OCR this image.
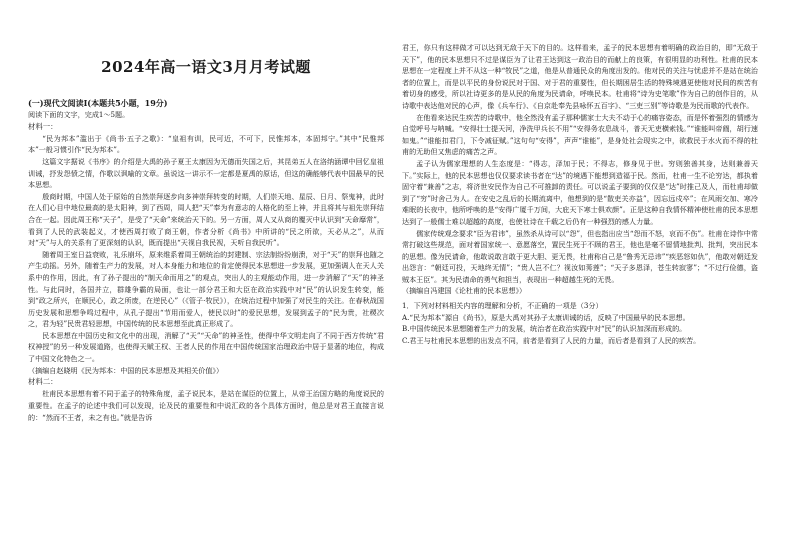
2024年高一语文3月月考试题

(一)现代文阅读Ⅰ(本题共5小题，19分)

阅读下面的文字，完成1～5题。

材料一：

“民为邦本”滥出于《尚书·五子之歌》：“皇祖有训，民可近，不可下，民惟邦本，本固邦宁。”其中“民惟邦本”一般习惯引作“民为邦本”。

这篇文字据说《书序》的介绍是大禹的孙子夏王太康因为无德而失国之后，其昆弟五人在洛纳涵谭中回忆皇祖训诫，抒发怨愤之情，作歌以讽喻的文章。虽说这一讲示不一定都是夏禹的原话，但这的确能够代表中国最早的民本思想。

殷商时期，中国人处于原始的自然崇拜逐步向多神崇拜转变的时期，人们崇天地、星辰、日月、祭鬼神，此时在人们心目中地位最高的是太阳神，到了西周，周人把“天”奉为有意志的人格化的至上神，并且将其与祖先崇拜结合在一起。因此周王称“天子”，是受了“天命”来统治天下的。另一方面，周人又从商的覆灭中认识到“天命靡常”，看到了人民的武装起义，才使西周打败了商王朝，作者分析《尚书》中所讲的“民之所欲，天必从之”，从而对“天”与人的关系有了更深刻的认识，既而提出“天视自我民视，天听自我民听”。

随着周王室日益衰败，礼乐崩坏，原来维系着周王朝统治的封建制、宗法制纷纷崩溃，对于“天”的崇拜也随之产生动摇。另外，随着生产力的发展，对人本身能力和地位的肯定使得民本思想进一步发展，更加强调人在天人关系中的作用，因此，有了孙子提出的“制天命而用之”的观点，突出人的主观能动作用，进一步消解了“天”的神圣性。与此同时，各国并立，群雄争霸的局面，也让一部分君王和大臣在政治实践中对“民”的认识发生转变，能到“政之所兴，在顺民心，政之所废，在逆民心”（《管子·牧民》），在统治过程中加强了对民生的关注。在春秋战国历史发展和思想争鸣过程中，从孔子提出“节用而爱人，使民以时”的爱民思想，发展到孟子的“民为贵，社稷次之，君为轻”民贵君轻思想，中国传统的民本思想至此真正形成了。

民本思想在中国历史和文化中的出现，消解了“天”“天命”的神圣性，使得中华文明走向了不同于西方传统“君权神授”的另一种发展道路，也使得天赋王权、王者人民的作用在中国传统国家治理政治中居于显著的地位，构成了中国文化特色之一。

（摘编自赵晓明《民为邦本：中国的民本思想及其相关价值》）

材料二：

杜甫民本思想有着不同于孟子的特殊角度，孟子说民本，是站在谋臣的位置上，从帝王治国方略的角度说民的重要性。在孟子的论述中我们可以发现，论及民的重要性和中说汇政的各个具体方面时，他总是对君王直接言说的：“然而不王者，未之有也。”就是告诉

君王，你只有这样做才可以达到无敌于天下的目的。这样看来，孟子的民本思想有着明确的政治目的，即“无敌于天下”，他的民本思想只不过是谋臣为了让君王达到这一政治目的而献上的良策，有很明显的功利性。杜甫的民本思想在一定程度上并不从这一种“牧民”之道，他是从普通民众的角度出发的。他对民的关注与忧虑并不是站在统治者的位置上，而是以平民的身份说民对于国、对于君的重要性，但长期困居生活的特殊境遇更使他对民间的疾苦有着切身的感受，所以社诗更多的是从民的角度为民请命，呼唤民本。杜甫将“诗为史笔歌”作为自己的创作目的，从诗歌中表达他对民的心声，像《兵车行》、《自京赴奉先县咏怀五百字》、“三吏三别”等诗歌是为民而歌的代表作。

在他看来达民生疾苦的诗歌中，他全然没有孟子那种儒家士大夫不动于心的痛容姿态，而是怀着强烈的情感为自觉呼号与呐喊。“安得壮士提天河，净洗甲兵长不用”“安得务农息战斗，普天无吏横索钱。”“谁能叫帝阍，胡行速如鬼。”“谁能扣君门，下令减征赋。”这句句“安得”，声声“谁能”，是身处社会现实之中，欲救民于水火而不得的杜甫的无助但又焦虑的痛苦之声。

孟子认为儒家理想的人生态度是：“得志，泽加于民；不得志，修身见于世。穷则独善其身，达则兼善天下。”实际上，他的民本思想也仅仅要求读书者在“达”的境遇下能想到造福于民。然而，杜甫一生不论穷达，都执着固守着“兼善”之志，将济世安民作为自己不可推卸的责任。可以说孟子要到的仅仅是“达”时推己及人，而杜甫却做到了“穷”时舍己为人。在安史之乱后的长期流离中，他想到的是“散吏关亦益”，因忘远戍卒”；在风雨交加、寒冷难眠的长夜中，他所呼唤的是“安得广厦千万间，大庇天下寒士俱欢颜”。正是这种自我情怀精神使杜甫的民本思想达到了一般儒士难以超越的高度，也使社诗在千载之后仍有一种强烈的感人力量。

儒家传统观念要求“臣为君讳”，虽然杀从诗可以“怨”，但也指出应当“怨而不怒，哀而不伤”。杜甫在诗作中常常打破这些规范，面对着国家统一、意愿落空，置民生死于不顾的君王，他也是毫不留情地批判、批判，突出民本的思想。像为民请命，他敢说敢言敢于更大胆、更无畏，杜甫称自己是“鲁秀无忌讳”“疾恶怒如仇”，他敢对朝廷发出怨言：“朝廷可投，天地终无情”；“贵人岂不仁？视汝如莠莲”；“天子多恩泽，苍生转寂寥”；“不过行俭德，盗贼本王臣”。其为民请命的勇气和担当，表现出一种超越生死的无畏。

（摘编自冯建国《论杜甫的民本思想》）

1．下列对材料相关内容的理解和分析，不正确的一项是（3分）

A.“民为邦本”源自《尚书》，原是大禹对其孙子太康训诫的话，反映了中国最早的民本思想。

B.中国传统民本思想随着生产力的发展，统治者在政治实践中对“民”的认识加深而形成的。

C.君王与杜甫民本思想的出发点不同，前者是看到了人民的力量，而后者是看到了人民的疾苦。
